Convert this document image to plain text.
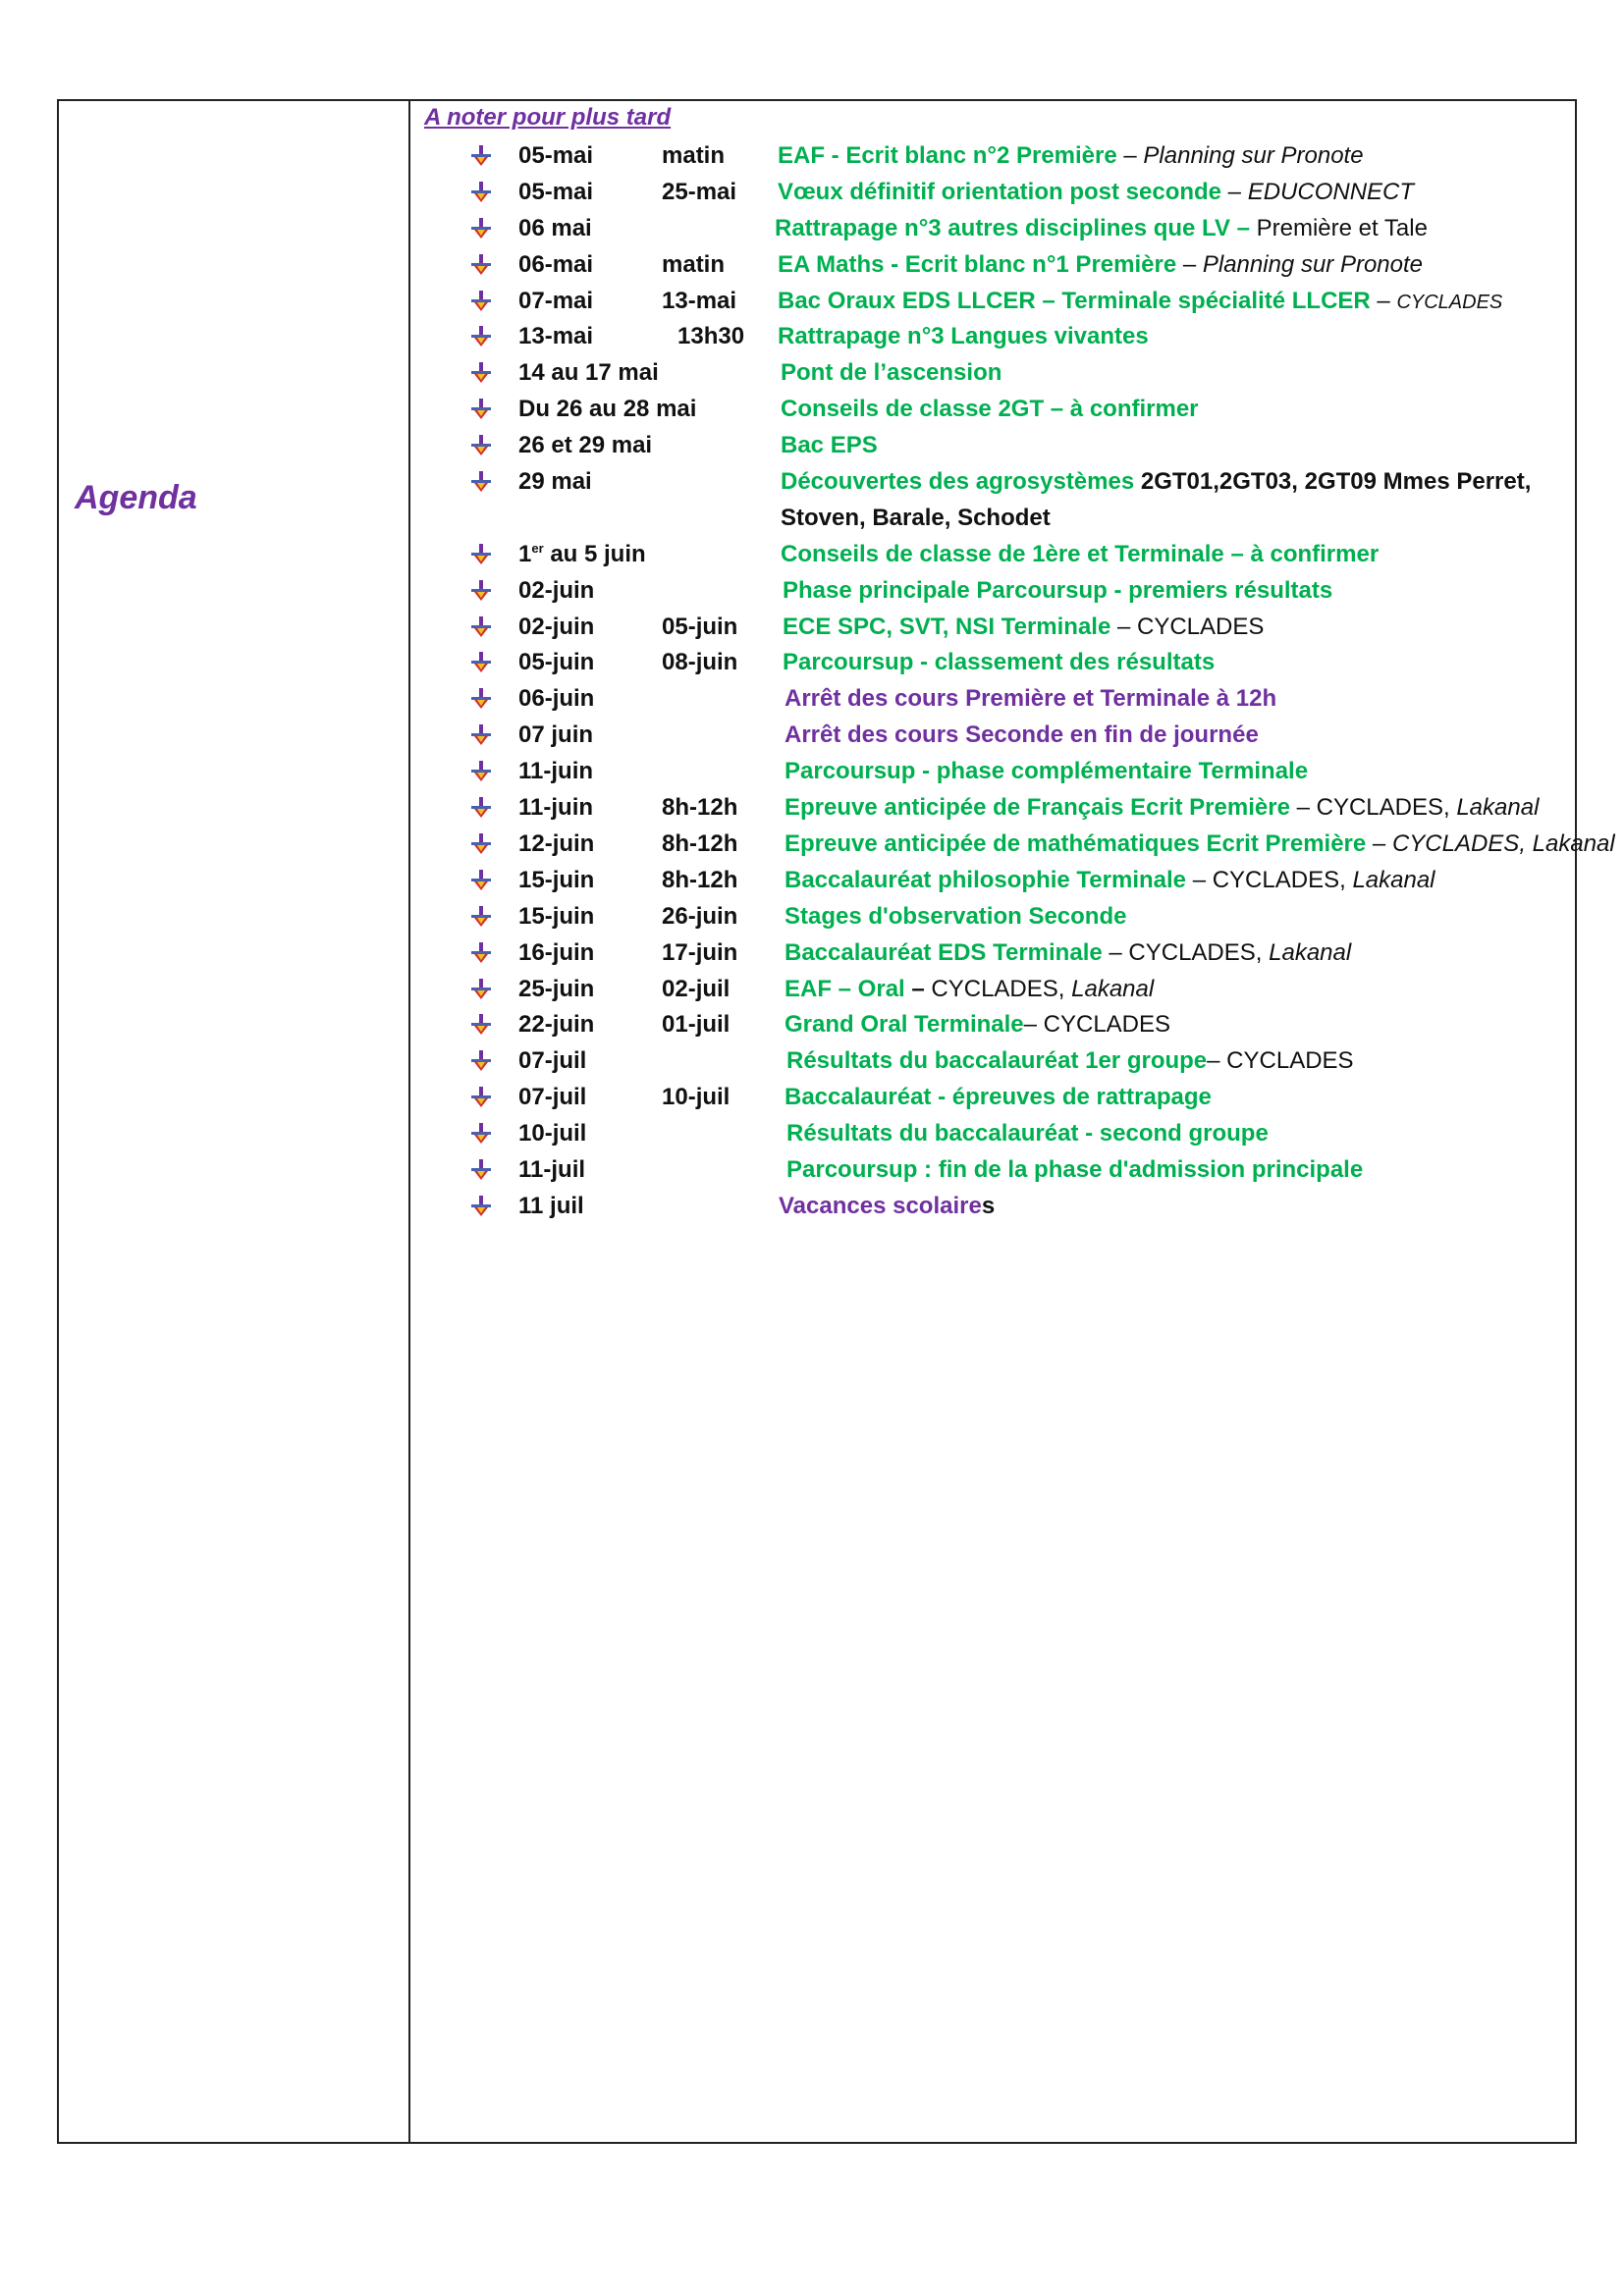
Agenda
A noter pour plus tard
05-mai	matin EAF - Ecrit blanc n°2 Première – Planning sur Pronote
05-mai	25-mai Vœux définitif orientation post seconde – EDUCONNECT
06 mai	Rattrapage n°3 autres disciplines que LV – Première et Tale
06-mai	matin EA Maths - Ecrit blanc n°1 Première – Planning sur Pronote
07-mai	13-mai Bac Oraux EDS LLCER – Terminale spécialité LLCER – CYCLADES
13-mai	13h30 Rattrapage n°3 Langues vivantes
14 au 17 mai	Pont de l’ascension
Du 26 au 28 mai	Conseils de classe 2GT – à confirmer
26 et 29 mai	Bac EPS
29 mai	Découvertes des agrosystèmes 2GT01,2GT03, 2GT09 Mmes Perret,
Stoven, Barale, Schodet
1er au 5 juin	Conseils de classe de 1ère et Terminale – à confirmer
02-juin	Phase principale Parcoursup - premiers résultats
02-juin	05-juin ECE SPC, SVT, NSI Terminale – CYCLADES
05-juin	08-juin Parcoursup - classement des résultats
06-juin	Arrêt des cours Première et Terminale à 12h
07 juin	Arrêt des cours Seconde en fin de journée
11-juin	Parcoursup - phase complémentaire Terminale
11-juin	8h-12h Epreuve anticipée de Français Ecrit Première – CYCLADES, Lakanal
12-juin	8h-12h Epreuve anticipée de mathématiques Ecrit Première – CYCLADES, Lakanal
15-juin	8h-12h Baccalauréat philosophie Terminale – CYCLADES, Lakanal
15-juin	26-juin Stages d'observation Seconde
16-juin	17-juin Baccalauréat EDS Terminale – CYCLADES, Lakanal
25-juin	02-juil EAF – Oral – CYCLADES, Lakanal
22-juin	01-juil Grand Oral Terminale– CYCLADES
07-juil	Résultats du baccalauréat 1er groupe– CYCLADES
07-juil	10-juil Baccalauréat - épreuves de rattrapage
10-juil	Résultats du baccalauréat - second groupe
11-juil	Parcoursup : fin de la phase d'admission principale
11 juil	Vacances scolaires
